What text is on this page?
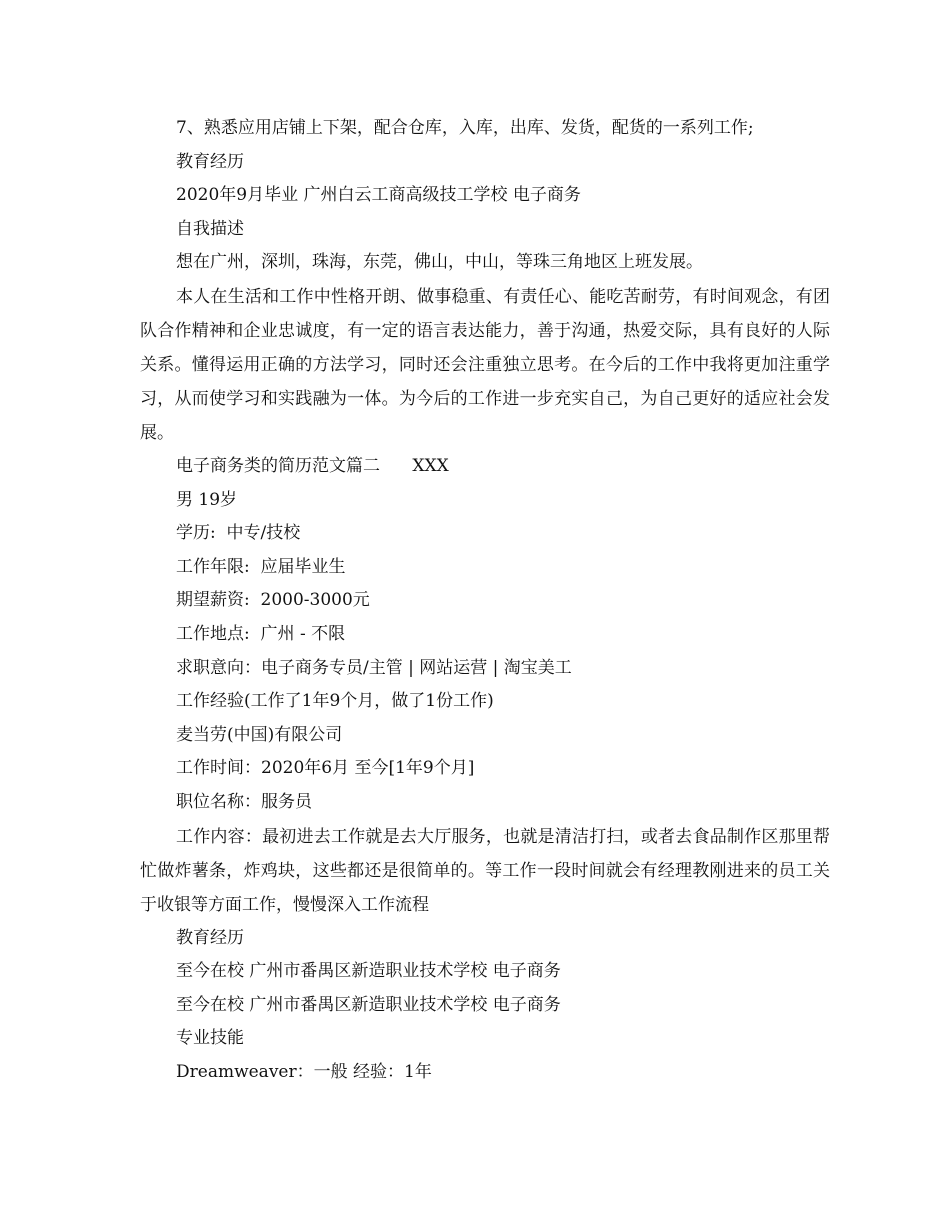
7、熟悉应用店铺上下架，配合仓库，入库，出库、发货，配货的一系列工作;
教育经历
2020年9月毕业 广州白云工商高级技工学校 电子商务
自我描述
想在广州，深圳，珠海，东莞，佛山，中山，等珠三角地区上班发展。

本人在生活和工作中性格开朗、做事稳重、有责任心、能吃苦耐劳，有时间观念，有团队合作精神和企业忠诚度，有一定的语言表达能力，善于沟通，热爱交际，具有良好的人际关系。懂得运用正确的方法学习，同时还会注重独立思考。在今后的工作中我将更加注重学习，从而使学习和实践融为一体。为今后的工作进一步充实自己，为自己更好的适应社会发展。

电子商务类的简历范文篇二      XXX
男 19岁
学历:  中专/技校
工作年限:  应届毕业生
期望薪资:  2000-3000元
工作地点:  广州 - 不限
求职意向：电子商务专员/主管 | 网站运营 | 淘宝美工
工作经验(工作了1年9个月，做了1份工作)
麦当劳(中国)有限公司
工作时间：2020年6月 至今[1年9个月]
职位名称：服务员

工作内容：最初进去工作就是去大厅服务，也就是清洁打扫，或者去食品制作区那里帮忙做炸薯条，炸鸡块，这些都还是很简单的。等工作一段时间就会有经理教刚进来的员工关于收银等方面工作，慢慢深入工作流程

教育经历
至今在校 广州市番禺区新造职业技术学校 电子商务
至今在校 广州市番禺区新造职业技术学校 电子商务
专业技能
Dreamweaver：一般 经验：1年
